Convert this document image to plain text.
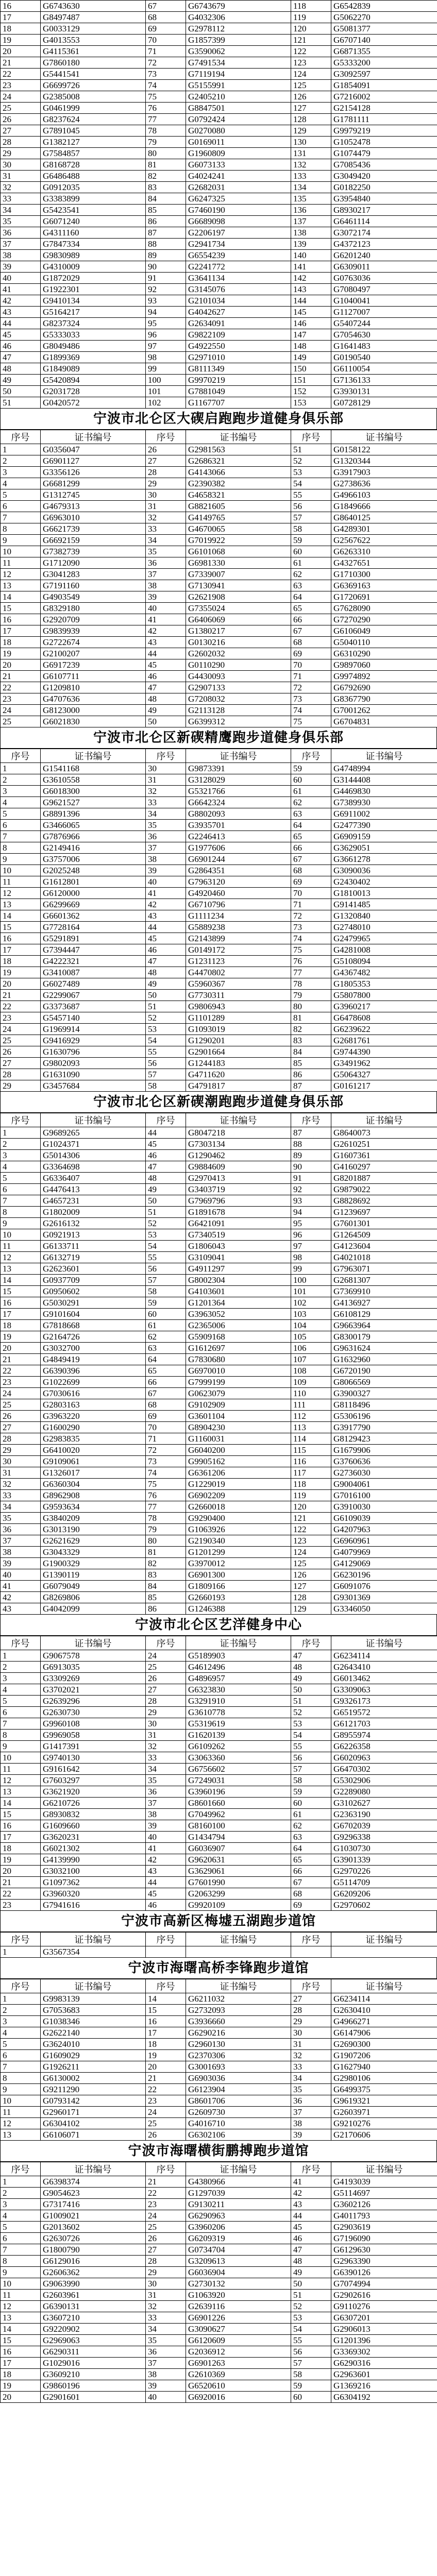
16	G6743630	67	G6743679	118	G6542839
17	G8497487	68	G4032306	119	G5062270
18	G0033129	69	G2978112	120	G5081377
19	G4013553	70	G1857399	121	G6707140
20	G4115361	71	G3590062	122	G6871355
21	G7860180	72	G7491534	123	G5333200
22	G5441541	73	G7119194	124	G3092597
23	G6699726	74	G5155991	125	G1854091
24	G2385008	75	G2405210	126	G7216002
25	G0461999	76	G8847501	127	G2154128
26	G8237624	77	G0792424	128	G1781111
27	G7891045	78	G0270080	129	G9979219
28	G1382127	79	G0169011	130	G1052478
29	G7584857	80	G1960809	131	G1074479
30	G8168728	81	G6073133	132	G7085436
31	G6486488	82	G4024241	133	G3049420
32	G0912035	83	G2682031	134	G0182250
33	G3383899	84	G6247325	135	G3954840
34	G5423541	85	G7460190	136	G8930217
35	G6071240	86	G6689098	137	G6461114
36	G4311160	87	G2206197	138	G3072174
37	G7847334	88	G2941734	139	G4372123
38	G9830989	89	G6554239	140	G6201240
39	G4310009	90	G2241772	141	G6309011
40	G1872029	91	G3641134	142	G0763036
41	G1922301	92	G3145076	143	G7080497
42	G9410134	93	G2101034	144	G1040041
43	G5164217	94	G4042627	145	G1127007
44	G8237324	95	G2634091	146	G5407244
45	G5333033	96	G9822109	147	G7054630
46	G8049486	97	G4922550	148	G1641483
47	G1899369	98	G2971010	149	G0190540
48	G1849089	99	G8111349	150	G6110054
49	G5420894	100	G9970219	151	G7136133
50	G2031728	101	G7881049	152	G3930131
51	G0420572	102	G1167707	153	G0728129
宁波市北仑区大碶启跑跑步道健身俱乐部
序号	证书编号	序号	证书编号	序号	证书编号
1	G0356047	26	G2981563	51	G0158122
2	G6901127	27	G2686321	52	G1320344
3	G3356126	28	G4143066	53	G3917903
4	G6681299	29	G2390382	54	G2738636
5	G1312745	30	G4658321	55	G4966103
6	G4679313	31	G8821605	56	G1849666
7	G6963010	32	G4149765	57	G8640125
8	G6621739	33	G4670065	58	G4289301
9	G6692159	34	G7019922	59	G2567622
10	G7382739	35	G6101068	60	G6263310
11	G1712090	36	G6981330	61	G4327651
12	G3041283	37	G7339007	62	G1710300
13	G7191160	38	G7130941	63	G6369163
14	G4903549	39	G2621908	64	G1720691
15	G8329180	40	G7355024	65	G7628090
16	G2920709	41	G6406069	66	G7270290
17	G9839939	42	G1380217	67	G6106049
18	G2722674	43	G0130216	68	G5040110
19	G2100207	44	G2602032	69	G6310290
20	G6917239	45	G0110290	70	G9897060
21	G6107711	46	G4430093	71	G9974892
22	G1209810	47	G2907133	72	G6792690
23	G4707636	48	G7208032	73	G8367790
24	G8123000	49	G2113128	74	G7001262
25	G6021830	50	G6399312	75	G6704831
宁波市北仑区新碶精鹰跑步道健身俱乐部
序号	证书编号	序号	证书编号	序号	证书编号
1	G1541168	30	G9873391	59	G4748994
2	G3610558	31	G3128029	60	G3144408
3	G6018300	32	G5321766	61	G4469830
4	G9621527	33	G6642324	62	G7389930
5	G8891396	34	G8802093	63	G6911002
6	G3466065	35	G3935701	64	G2477390
7	G7876966	36	G2246413	65	G6909159
8	G2149416	37	G1977606	66	G3629051
9	G3757006	38	G6901244	67	G3661278
10	G2025248	39	G2864351	68	G3090036
11	G1612801	40	G7963120	69	G2430402
12	G6120000	41	G4920460	70	G1810013
13	G6299669	42	G6710796	71	G9141485
14	G6601362	43	G1111234	72	G1320840
15	G7728164	44	G5889238	73	G2748010
16	G5291891	45	G2143899	74	G2479965
17	G7394447	46	G0149172	75	G4281008
18	G4222321	47	G1231123	76	G5108094
19	G3410087	48	G4470802	77	G4367482
20	G6027489	49	G5960367	78	G1805353
21	G2299067	50	G7730311	79	G5807800
22	G3373687	51	G9806943	80	G3960217
23	G5457140	52	G1101289	81	G6478608
24	G1969914	53	G1093019	82	G6239622
25	G9416929	54	G1290201	83	G2681761
26	G1630796	55	G2901664	84	G9744390
27	G9802093	56	G1244183	85	G3491962
28	G1631090	57	G4711620	86	G5064327
29	G3457684	58	G4791817	87	G0161217
宁波市北仑区新碶潮跑跑步道健身俱乐部
序号	证书编号	序号	证书编号	序号	证书编号
1	G9689265	44	G8047218	87	G8640073
2	G1024371	45	G7303134	88	G2610251
3	G5014306	46	G1290462	89	G1607361
4	G3364698	47	G9884609	90	G4160297
5	G6336407	48	G2970413	91	G8201887
6	G4476413	49	G3403719	92	G9879022
7	G4657231	50	G7969796	93	G8828692
8	G1802009	51	G1891678	94	G1239697
9	G2616132	52	G6421091	95	G7601301
10	G0921913	53	G7340519	96	G1264509
11	G6133711	54	G1806043	97	G4123604
12	G6132719	55	G3109041	98	G4021018
13	G2623601	56	G4911297	99	G7963071
14	G0937709	57	G8002304	100	G2681307
15	G0950602	58	G4103601	101	G7369910
16	G5030291	59	G1201364	102	G4136927
17	G9101604	60	G3963052	103	G6108129
18	G7818668	61	G2365006	104	G9663964
19	G2164726	62	G5909168	105	G8300179
20	G3032700	63	G1612697	106	G9631624
21	G4849419	64	G7830680	107	G1632960
22	G6390396	65	G6970010	108	G6720190
23	G1022699	66	G7999199	109	G8066569
24	G7030616	67	G0623079	110	G3900327
25	G2803163	68	G9102909	111	G8118496
26	G3963220	69	G3601104	112	G5306196
27	G1600290	70	G8904230	113	G3917790
28	G2983835	71	G1160031	114	G8129423
29	G6410020	72	G6040200	115	G1679906
30	G9109061	73	G9905162	116	G3760636
31	G1326017	74	G6361206	117	G2736030
32	G6360304	75	G1229019	118	G9004061
33	G8962908	76	G6902209	119	G7016100
34	G9593634	77	G2660018	120	G3910030
35	G3840209	78	G9290400	121	G6109039
36	G3013190	79	G1063926	122	G4207963
37	G2621629	80	G2190340	123	G6960961
38	G3043329	81	G1201299	124	G4079969
39	G1900329	82	G3970012	125	G4129069
40	G1390119	83	G6901300	126	G6230196
41	G6079049	84	G1809166	127	G6091076
42	G8269806	85	G2660193	128	G9301369
43	G4042099	86	G1246388	129	G3346050
宁波市北仑区艺洋健身中心
序号	证书编号	序号	证书编号	序号	证书编号
1	G9067578	24	G5189903	47	G6234114
2	G6913035	25	G4612496	48	G2643410
3	G3309269	26	G4896957	49	G6013462
4	G3702021	27	G6323830	50	G3309063
5	G2639296	28	G3291910	51	G9326173
6	G2630730	29	G3610778	52	G6519572
7	G9960108	30	G5319619	53	G6121703
8	G9969058	31	G1620139	54	G8955974
9	G1417391	32	G6109262	55	G6226358
10	G9740130	33	G3063360	56	G6020963
11	G9161642	34	G6756602	57	G6470302
12	G7603297	35	G7249031	58	G5302906
13	G3621920	36	G3960196	59	G2289080
14	G6210726	37	G8601660	60	G3102627
15	G8930832	38	G7049962	61	G2363190
16	G1609660	39	G8160100	62	G6702039
17	G3620231	40	G1434794	63	G9296338
18	G6021302	41	G6036907	64	G1030730
19	G4139990	42	G9620631	65	G3901339
20	G3032100	43	G3629061	66	G2970226
21	G1097362	44	G7601990	67	G5114709
22	G3960320	45	G2063299	68	G6209206
23	G7941616	46	G9920109	69	G2970602
宁波市高新区梅墟五湖跑步道馆
序号	证书编号	序号	证书编号	序号	证书编号
1	G3567354				
宁波市海曙高桥李锋跑步道馆
序号	证书编号	序号	证书编号	序号	证书编号
1	G9983139	14	G6211032	27	G6234114
2	G7053683	15	G2732093	28	G2630410
3	G1038346	16	G3936660	29	G4966271
4	G2622140	17	G6290216	30	G6147906
5	G3624010	18	G2960130	31	G2690300
6	G1609029	19	G2370306	32	G1907206
7	G1926211	20	G3001693	33	G1627940
8	G6130002	21	G6903036	34	G2980106
9	G9211290	22	G6123904	35	G6499375
10	G0793142	23	G8601706	36	G9619321
11	G2960171	24	G2609730	37	G2603971
12	G6304102	25	G4016710	38	G9210276
13	G6106071	26	G6302106	39	G2170606
宁波市海曙横街鹏搏跑步道馆
序号	证书编号	序号	证书编号	序号	证书编号
1	G6398374	21	G4380966	41	G4193039
2	G9054623	22	G1297039	42	G5114697
3	G7317416	23	G9130211	43	G3602126
4	G1009021	24	G6290963	44	G4011793
5	G2013602	25	G3960206	45	G2903619
6	G2630726	26	G6209319	46	G7196090
7	G1800790	27	G0734704	47	G6129630
8	G6129016	28	G3209613	48	G2963390
9	G2606362	29	G6036904	49	G6390126
10	G9063990	30	G2730132	50	G7074994
11	G2603961	31	G1063920	51	G2902616
12	G6390131	32	G2639116	52	G9110276
13	G3607210	33	G6901226	53	G6307201
14	G9220902	34	G3090627	54	G2906013
15	G2969063	35	G6120609	55	G1201396
16	G6290311	36	G2036912	56	G3369302
17	G1029016	37	G6901263	57	G6290316
18	G3609210	38	G2610369	58	G2963601
19	G9860196	39	G6520610	59	G1369216
20	G2901601	40	G6920016	60	G6304192
